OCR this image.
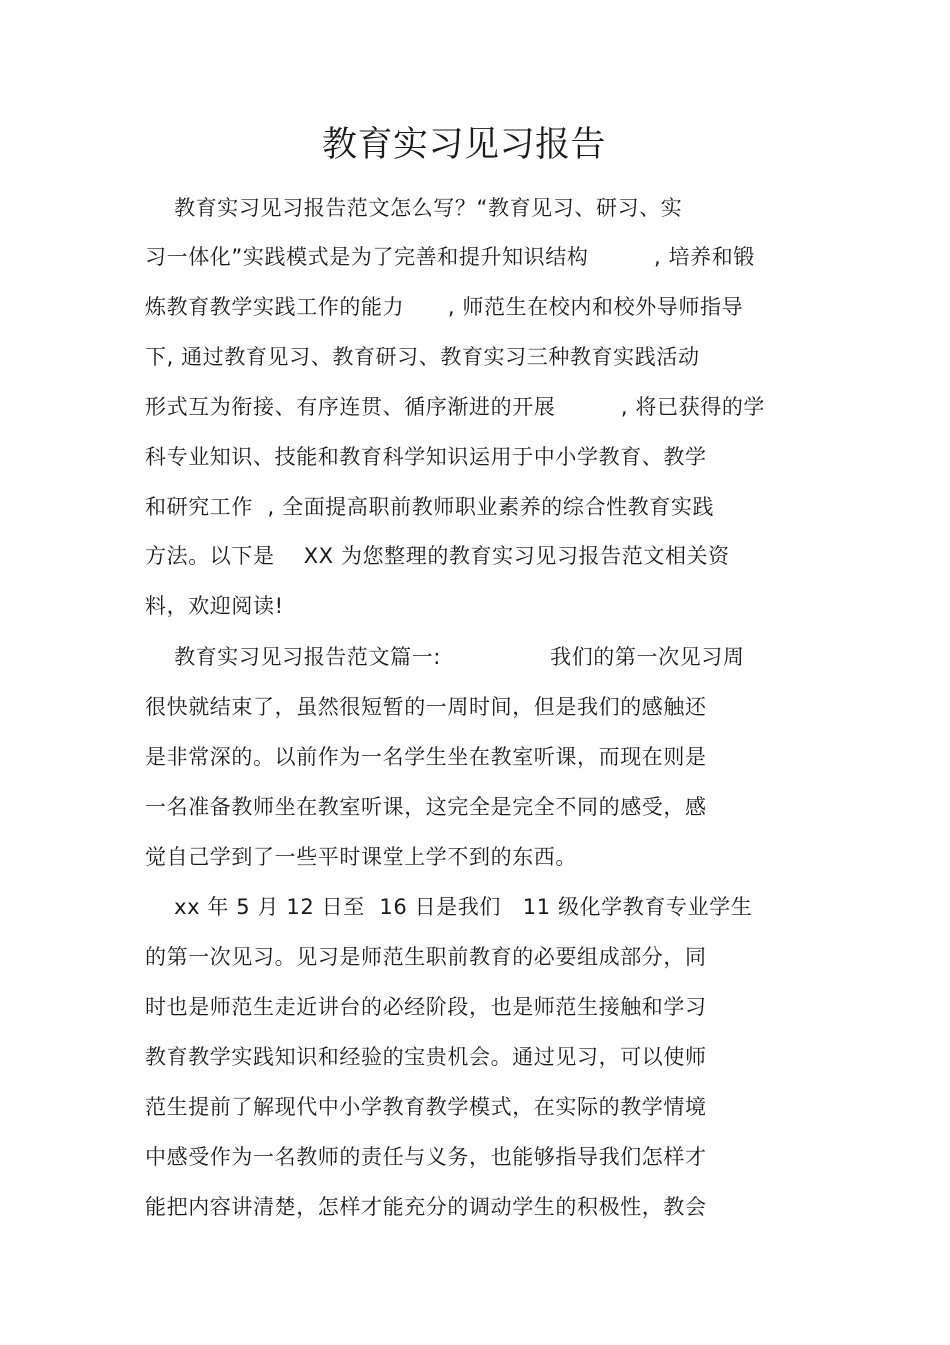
教育实习见习报告
教育实习见习报告范文怎么写？“教育见习、研习、实
习一体化”实践模式是为了完善和提升知识结构         , 培养和锻
炼教育教学实践工作的能力      , 师范生在校内和校外导师指导
下, 通过教育见习、教育研习、教育实习三种教育实践活动
形式互为衔接、有序连贯、循序渐进的开展         , 将已获得的学
科专业知识、技能和教育科学知识运用于中小学教育、教学
和研究工作  , 全面提高职前教师职业素养的综合性教育实践
方法。以下是    XX 为您整理的教育实习见习报告范文相关资
料，欢迎阅读!
教育实习见习报告范文篇一:               我们的第一次见习周
很快就结束了，虽然很短暂的一周时间，但是我们的感触还
是非常深的。以前作为一名学生坐在教室听课，而现在则是
一名准备教师坐在教室听课，这完全是完全不同的感受，感
觉自己学到了一些平时课堂上学不到的东西。
xx 年 5 月 12 日至  16 日是我们   11 级化学教育专业学生
的第一次见习。见习是师范生职前教育的必要组成部分，同
时也是师范生走近讲台的必经阶段，也是师范生接触和学习
教育教学实践知识和经验的宝贵机会。通过见习，可以使师
范生提前了解现代中小学教育教学模式，在实际的教学情境
中感受作为一名教师的责任与义务，也能够指导我们怎样才
能把内容讲清楚，怎样才能充分的调动学生的积极性，教会
